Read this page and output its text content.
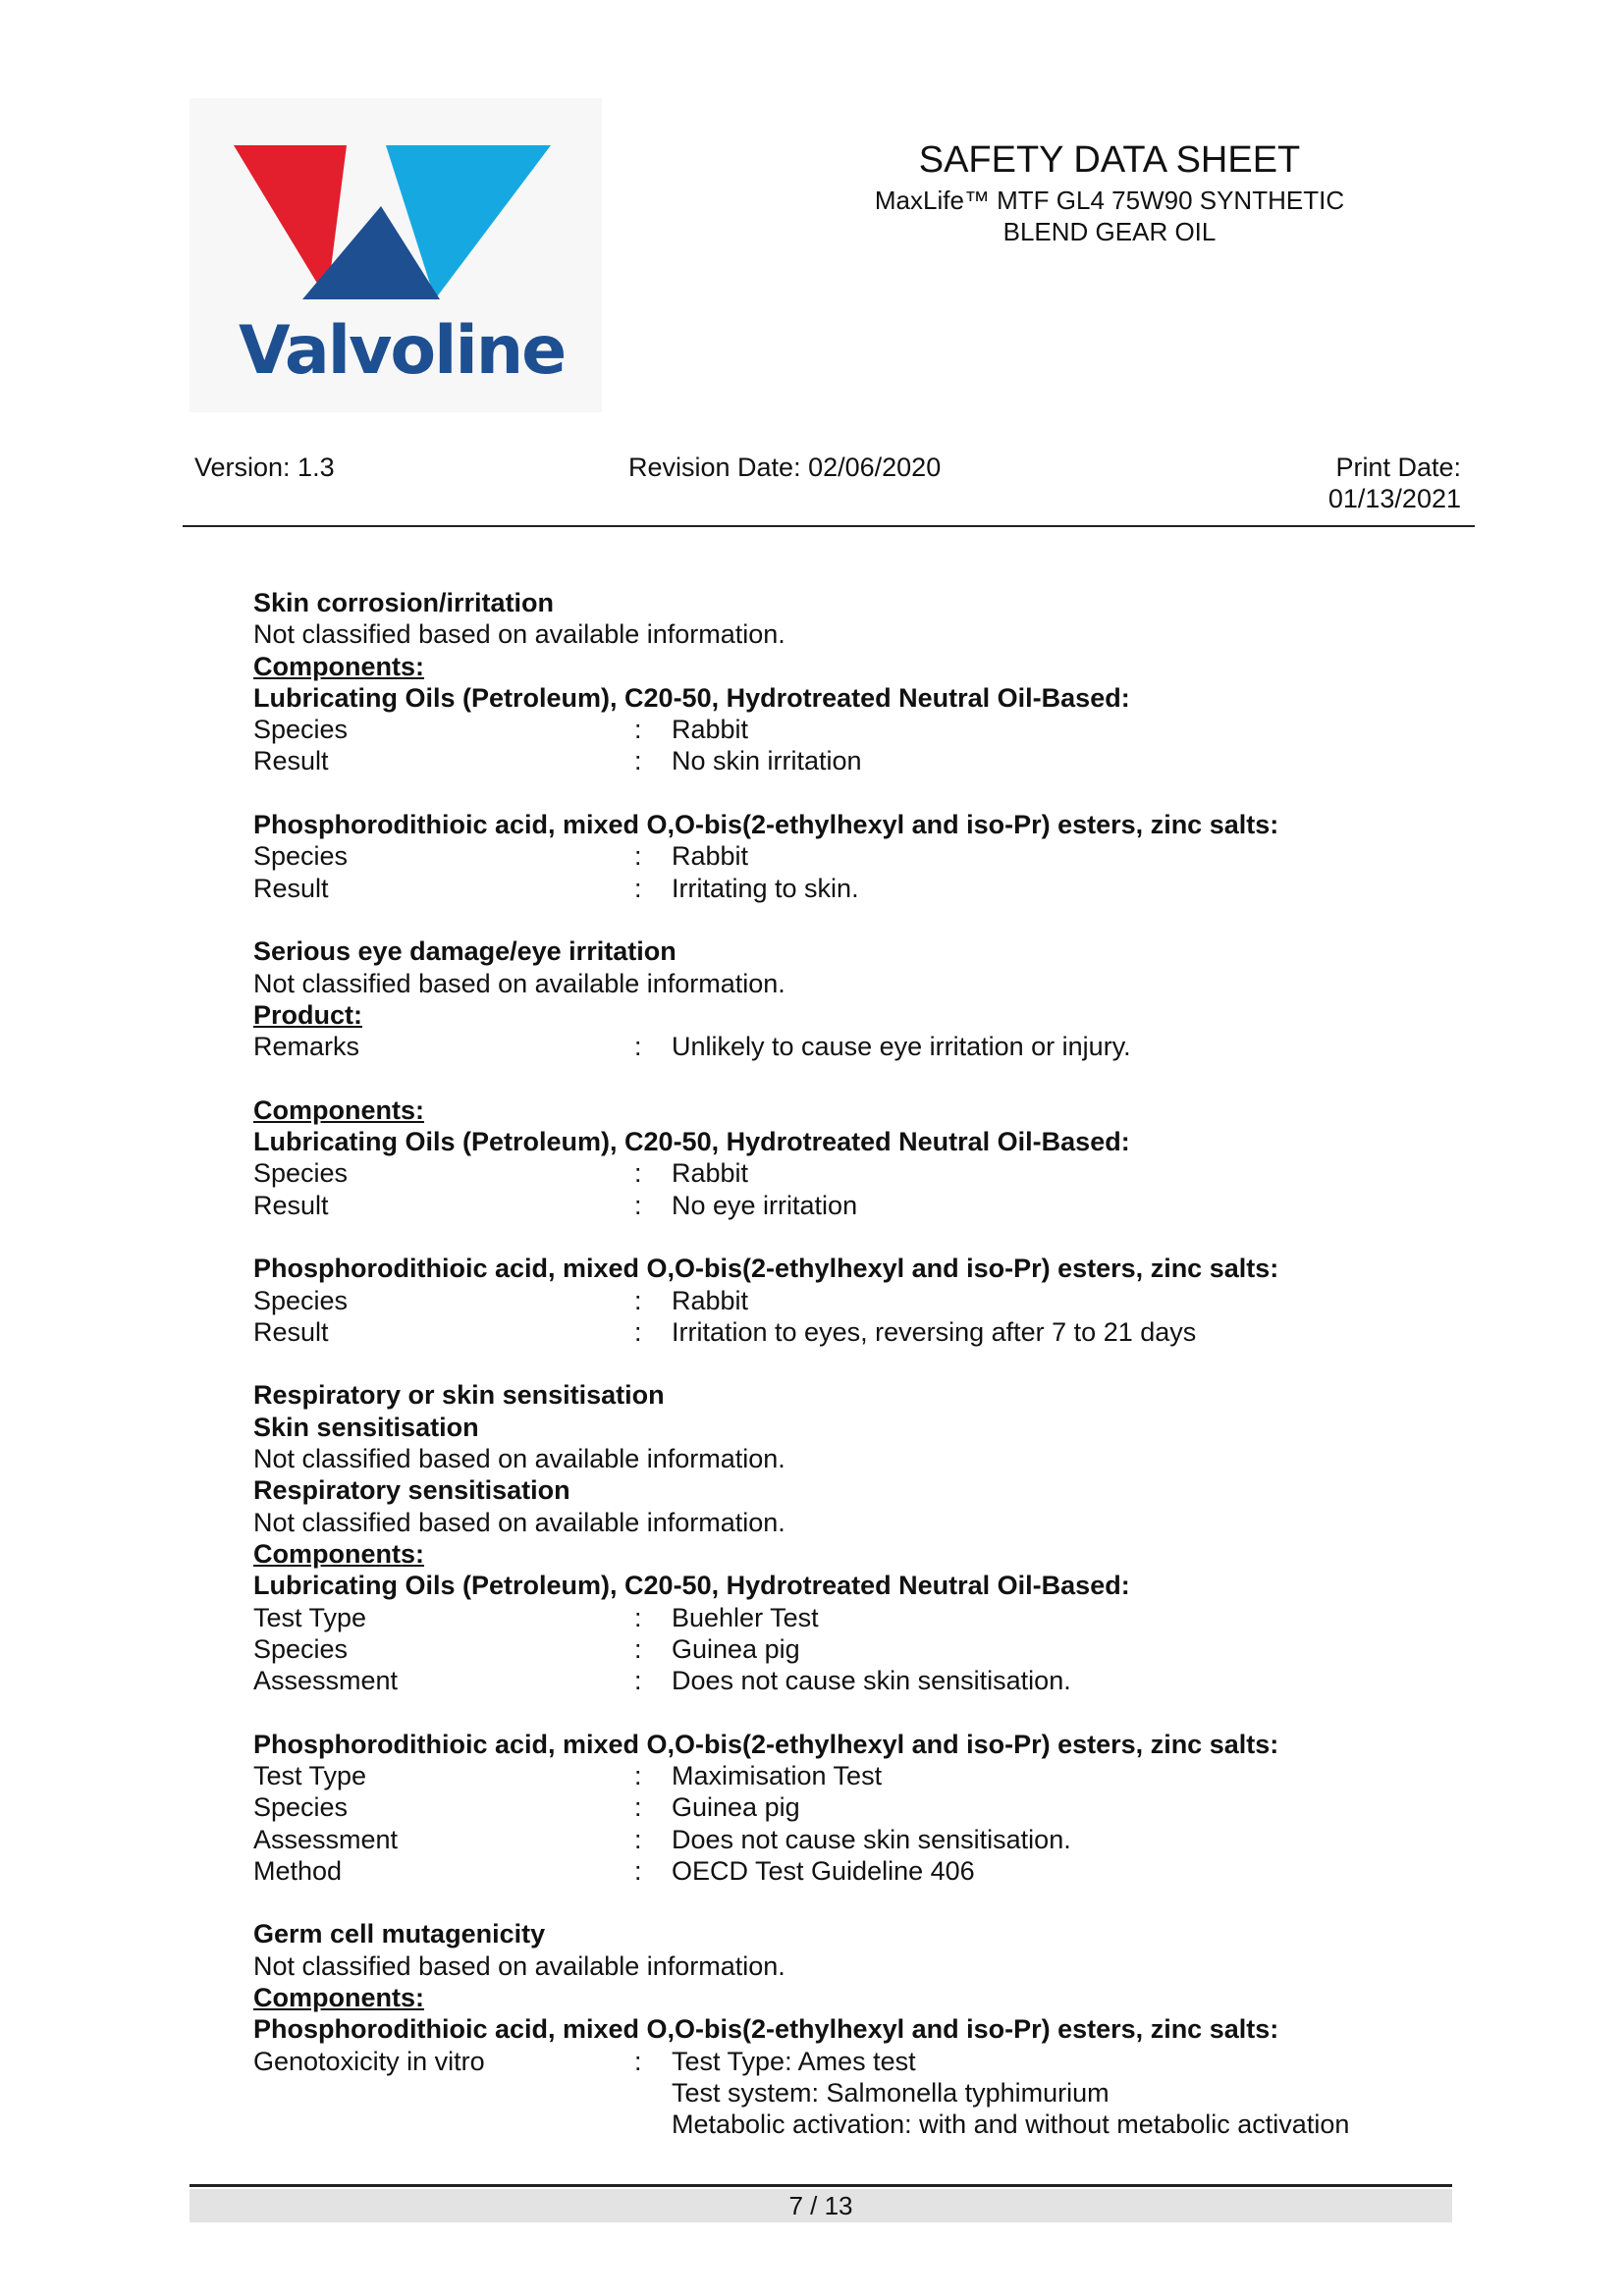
Valvoline
SAFETY DATA SHEET
MaxLife™ MTF GL4 75W90 SYNTHETIC
BLEND GEAR OIL
Version: 1.3	Revision Date: 02/06/2020	Print Date:
01/13/2021
Skin corrosion/irritation
Not classified based on available information.
Components:
Lubricating Oils (Petroleum), C20-50, Hydrotreated Neutral Oil-Based:
Species	:	Rabbit
Result	:	No skin irritation
Phosphorodithioic acid, mixed O,O-bis(2-ethylhexyl and iso-Pr) esters, zinc salts:
Species	:	Rabbit
Result	:	Irritating to skin.
Serious eye damage/eye irritation
Not classified based on available information.
Product:
Remarks	:	Unlikely to cause eye irritation or injury.
Components:
Lubricating Oils (Petroleum), C20-50, Hydrotreated Neutral Oil-Based:
Species	:	Rabbit
Result	:	No eye irritation
Phosphorodithioic acid, mixed O,O-bis(2-ethylhexyl and iso-Pr) esters, zinc salts:
Species	:	Rabbit
Result	:	Irritation to eyes, reversing after 7 to 21 days
Respiratory or skin sensitisation
Skin sensitisation
Not classified based on available information.
Respiratory sensitisation
Not classified based on available information.
Components:
Lubricating Oils (Petroleum), C20-50, Hydrotreated Neutral Oil-Based:
Test Type	:	Buehler Test
Species	:	Guinea pig
Assessment	:	Does not cause skin sensitisation.
Phosphorodithioic acid, mixed O,O-bis(2-ethylhexyl and iso-Pr) esters, zinc salts:
Test Type	:	Maximisation Test
Species	:	Guinea pig
Assessment	:	Does not cause skin sensitisation.
Method	:	OECD Test Guideline 406
Germ cell mutagenicity
Not classified based on available information.
Components:
Phosphorodithioic acid, mixed O,O-bis(2-ethylhexyl and iso-Pr) esters, zinc salts:
Genotoxicity in vitro	:	Test Type: Ames test
Test system: Salmonella typhimurium
Metabolic activation: with and without metabolic activation
7 / 13
